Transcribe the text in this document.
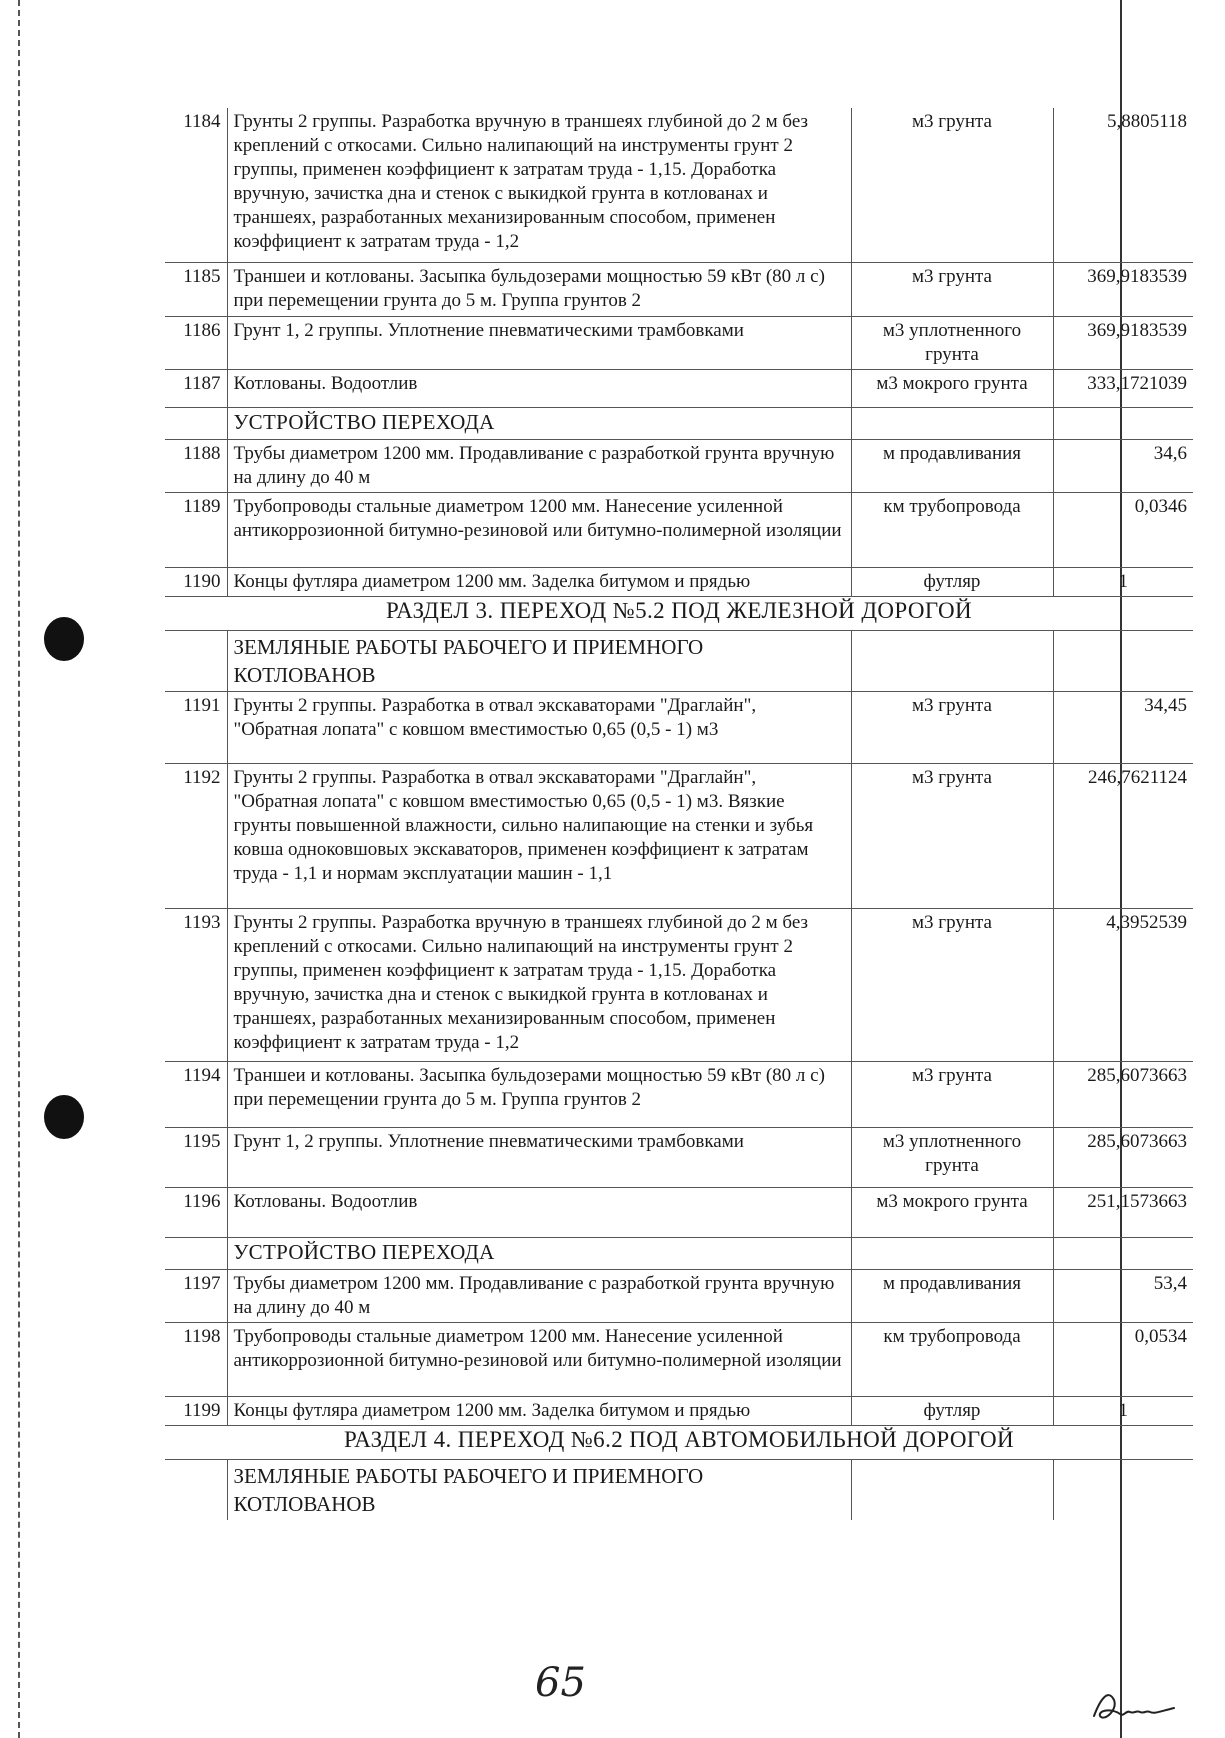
1184	Грунты 2 группы. Разработка вручную в траншеях глубиной до 2 м без креплений с откосами. Сильно налипающий на инструменты грунт 2 группы, применен коэффициент к затратам труда - 1,15. Доработка вручную, зачистка дна и стенок с выкидкой грунта в котлованах и траншеях, разработанных механизированным способом, применен коэффициент к затратам труда - 1,2	м3 грунта	5,8805118
1185	Траншеи и котлованы. Засыпка бульдозерами мощностью 59 кВт (80 л с) при перемещении грунта до 5 м. Группа грунтов 2	м3 грунта	369,9183539
1186	Грунт 1, 2 группы. Уплотнение пневматическими трамбовками	м3 уплотненного грунта	369,9183539
1187	Котлованы. Водоотлив	м3 мокрого грунта	333,1721039
	УСТРОЙСТВО ПЕРЕХОДА		
1188	Трубы диаметром 1200 мм. Продавливание с разработкой грунта вручную на длину до 40 м	м продавливания	34,6
1189	Трубопроводы стальные диаметром 1200 мм. Нанесение усиленной антикоррозионной битумно-резиновой или битумно-полимерной изоляции	км трубопровода	0,0346
1190	Концы футляра диаметром 1200 мм. Заделка битумом и прядью	футляр	1
РАЗДЕЛ 3. ПЕРЕХОД №5.2 ПОД ЖЕЛЕЗНОЙ ДОРОГОЙ			
	ЗЕМЛЯНЫЕ РАБОТЫ РАБОЧЕГО И ПРИЕМНОГО КОТЛОВАНОВ		
1191	Грунты 2 группы. Разработка в отвал экскаваторами "Драглайн", "Обратная лопата" с ковшом вместимостью 0,65 (0,5 - 1) м3	м3 грунта	34,45
1192	Грунты 2 группы. Разработка в отвал экскаваторами "Драглайн", "Обратная лопата" с ковшом вместимостью 0,65 (0,5 - 1) м3. Вязкие грунты повышенной влажности, сильно налипающие на стенки и зубья ковша одноковшовых экскаваторов, применен коэффициент к затратам труда - 1,1 и нормам эксплуатации машин - 1,1	м3 грунта	246,7621124
1193	Грунты 2 группы. Разработка вручную в траншеях глубиной до 2 м без креплений с откосами. Сильно налипающий на инструменты грунт 2 группы, применен коэффициент к затратам труда - 1,15. Доработка вручную, зачистка дна и стенок с выкидкой грунта в котлованах и траншеях, разработанных механизированным способом, применен коэффициент к затратам труда - 1,2	м3 грунта	4,3952539
1194	Траншеи и котлованы. Засыпка бульдозерами мощностью 59 кВт (80 л с) при перемещении грунта до 5 м. Группа грунтов 2	м3 грунта	285,6073663
1195	Грунт 1, 2 группы. Уплотнение пневматическими трамбовками	м3 уплотненного грунта	285,6073663
1196	Котлованы. Водоотлив	м3 мокрого грунта	251,1573663
	УСТРОЙСТВО ПЕРЕХОДА		
1197	Трубы диаметром 1200 мм. Продавливание с разработкой грунта вручную на длину до 40 м	м продавливания	53,4
1198	Трубопроводы стальные диаметром 1200 мм. Нанесение усиленной антикоррозионной битумно-резиновой или битумно-полимерной изоляции	км трубопровода	0,0534
1199	Концы футляра диаметром 1200 мм. Заделка битумом и прядью	футляр	1
РАЗДЕЛ 4. ПЕРЕХОД №6.2 ПОД АВТОМОБИЛЬНОЙ ДОРОГОЙ			
	ЗЕМЛЯНЫЕ РАБОТЫ РАБОЧЕГО И ПРИЕМНОГО КОТЛОВАНОВ		
65
